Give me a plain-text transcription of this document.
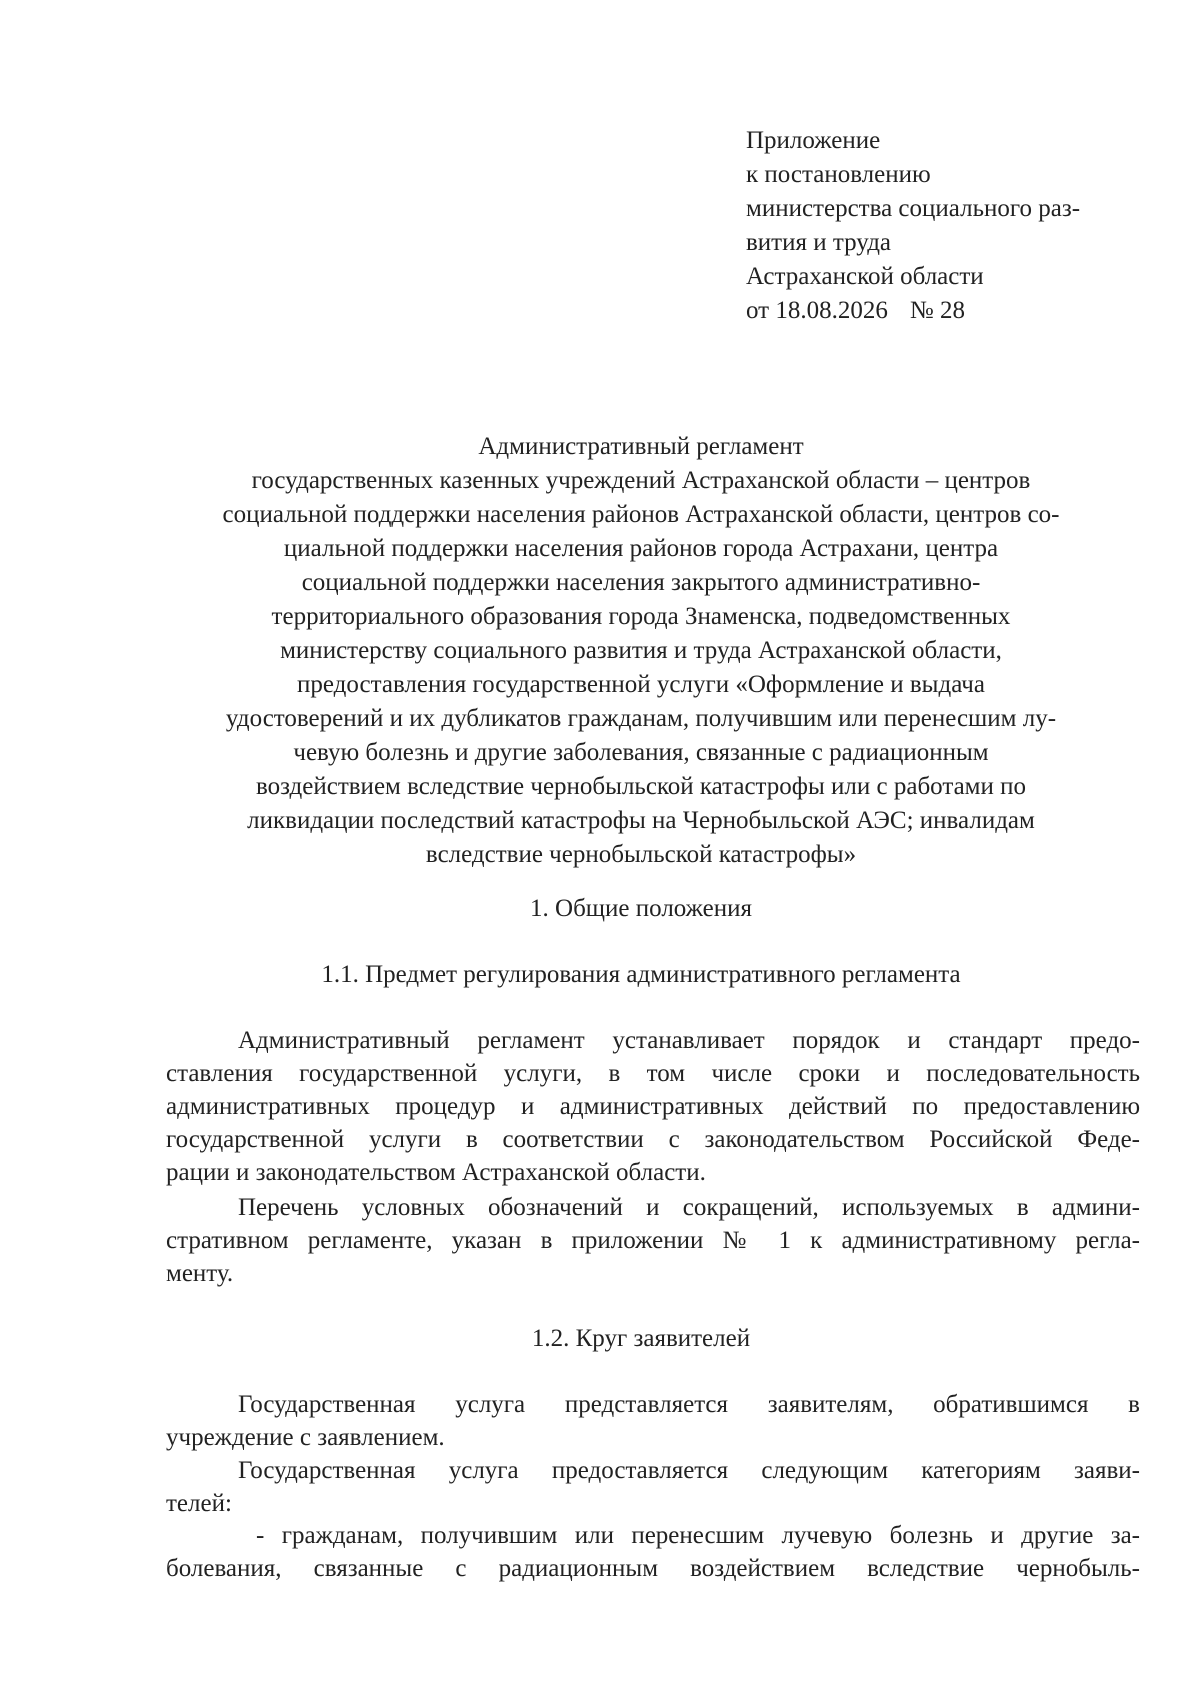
Приложение
к постановлению
министерства социального раз-
вития и труда
Астраханской области
от 18.08.2026 № 28
Административный регламент
государственных казенных учреждений Астраханской области – центров
социальной поддержки населения районов Астраханской области, центров со-
циальной поддержки населения районов города Астрахани, центра
социальной поддержки населения закрытого административно-
территориального образования города Знаменска, подведомственных
министерству социального развития и труда Астраханской области,
предоставления государственной услуги «Оформление и выдача
удостоверений и их дубликатов гражданам, получившим или перенесшим лу-
чевую болезнь и другие заболевания, связанные с радиационным
воздействием вследствие чернобыльской катастрофы или с работами по
ликвидации последствий катастрофы на Чернобыльской АЭС; инвалидам
вследствие чернобыльской катастрофы»
1. Общие положения
1.1. Предмет регулирования административного регламента
Административный регламент устанавливает порядок и стандарт предо-
ставления государственной услуги, в том числе сроки и последовательность
административных процедур и административных действий по предоставлению
государственной услуги в соответствии с законодательством Российской Феде-
рации и законодательством Астраханской области.
Перечень условных обозначений и сокращений, используемых в админи-
стративном регламенте, указан в приложении № 1 к административному регла-
менту.
1.2. Круг заявителей
Государственная услуга представляется заявителям, обратившимся в
учреждение с заявлением.
Государственная услуга предоставляется следующим категориям заяви-
телей:
- гражданам, получившим или перенесшим лучевую болезнь и другие за-
болевания, связанные с радиационным воздействием вследствие чернобыль-
